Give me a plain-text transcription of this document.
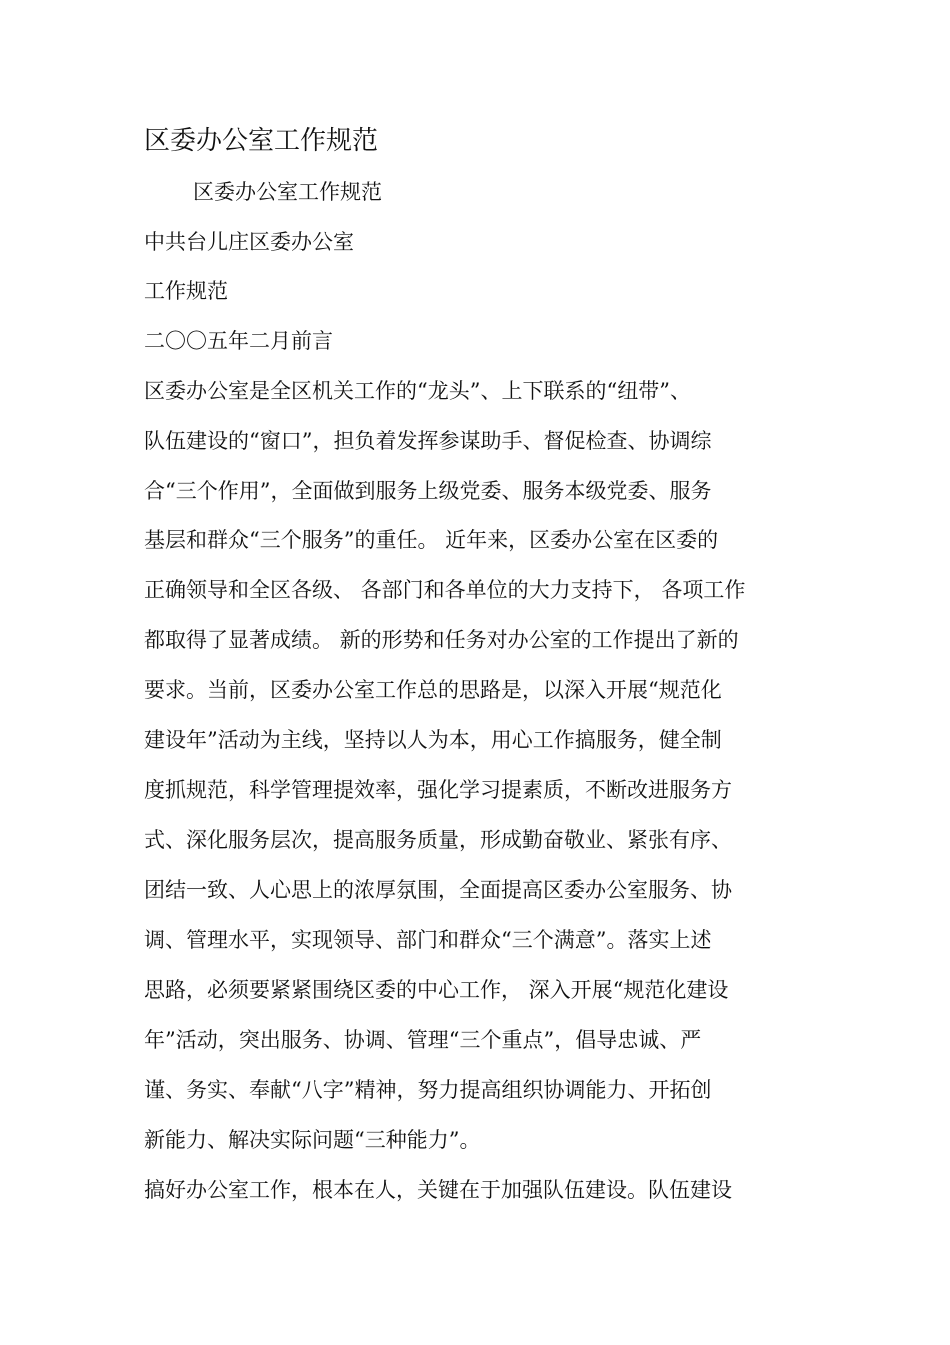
区委办公室工作规范

区委办公室工作规范

中共台儿庄区委办公室

工作规范

二〇〇五年二月前言

区委办公室是全区机关工作的“龙头”、上下联系的“纽带”、

队伍建设的“窗口”，担负着发挥参谋助手、督促检查、协调综

合“三个作用”，全面做到服务上级党委、服务本级党委、服务

基层和群众“三个服务”的重任。 近年来，区委办公室在区委的

正确领导和全区各级、 各部门和各单位的大力支持下， 各项工作

都取得了显著成绩。 新的形势和任务对办公室的工作提出了新的

要求。当前，区委办公室工作总的思路是，以深入开展“规范化

建设年”活动为主线，坚持以人为本，用心工作搞服务，健全制

度抓规范，科学管理提效率，强化学习提素质，不断改进服务方

式、深化服务层次，提高服务质量，形成勤奋敬业、紧张有序、

团结一致、人心思上的浓厚氛围，全面提高区委办公室服务、协

调、管理水平，实现领导、部门和群众“三个满意”。落实上述

思路，必须要紧紧围绕区委的中心工作， 深入开展“规范化建设

年”活动，突出服务、协调、管理“三个重点”，倡导忠诚、严

谨、务实、奉献“八字”精神，努力提高组织协调能力、开拓创

新能力、解决实际问题“三种能力”。

搞好办公室工作，根本在人，关键在于加强队伍建设。队伍建设
